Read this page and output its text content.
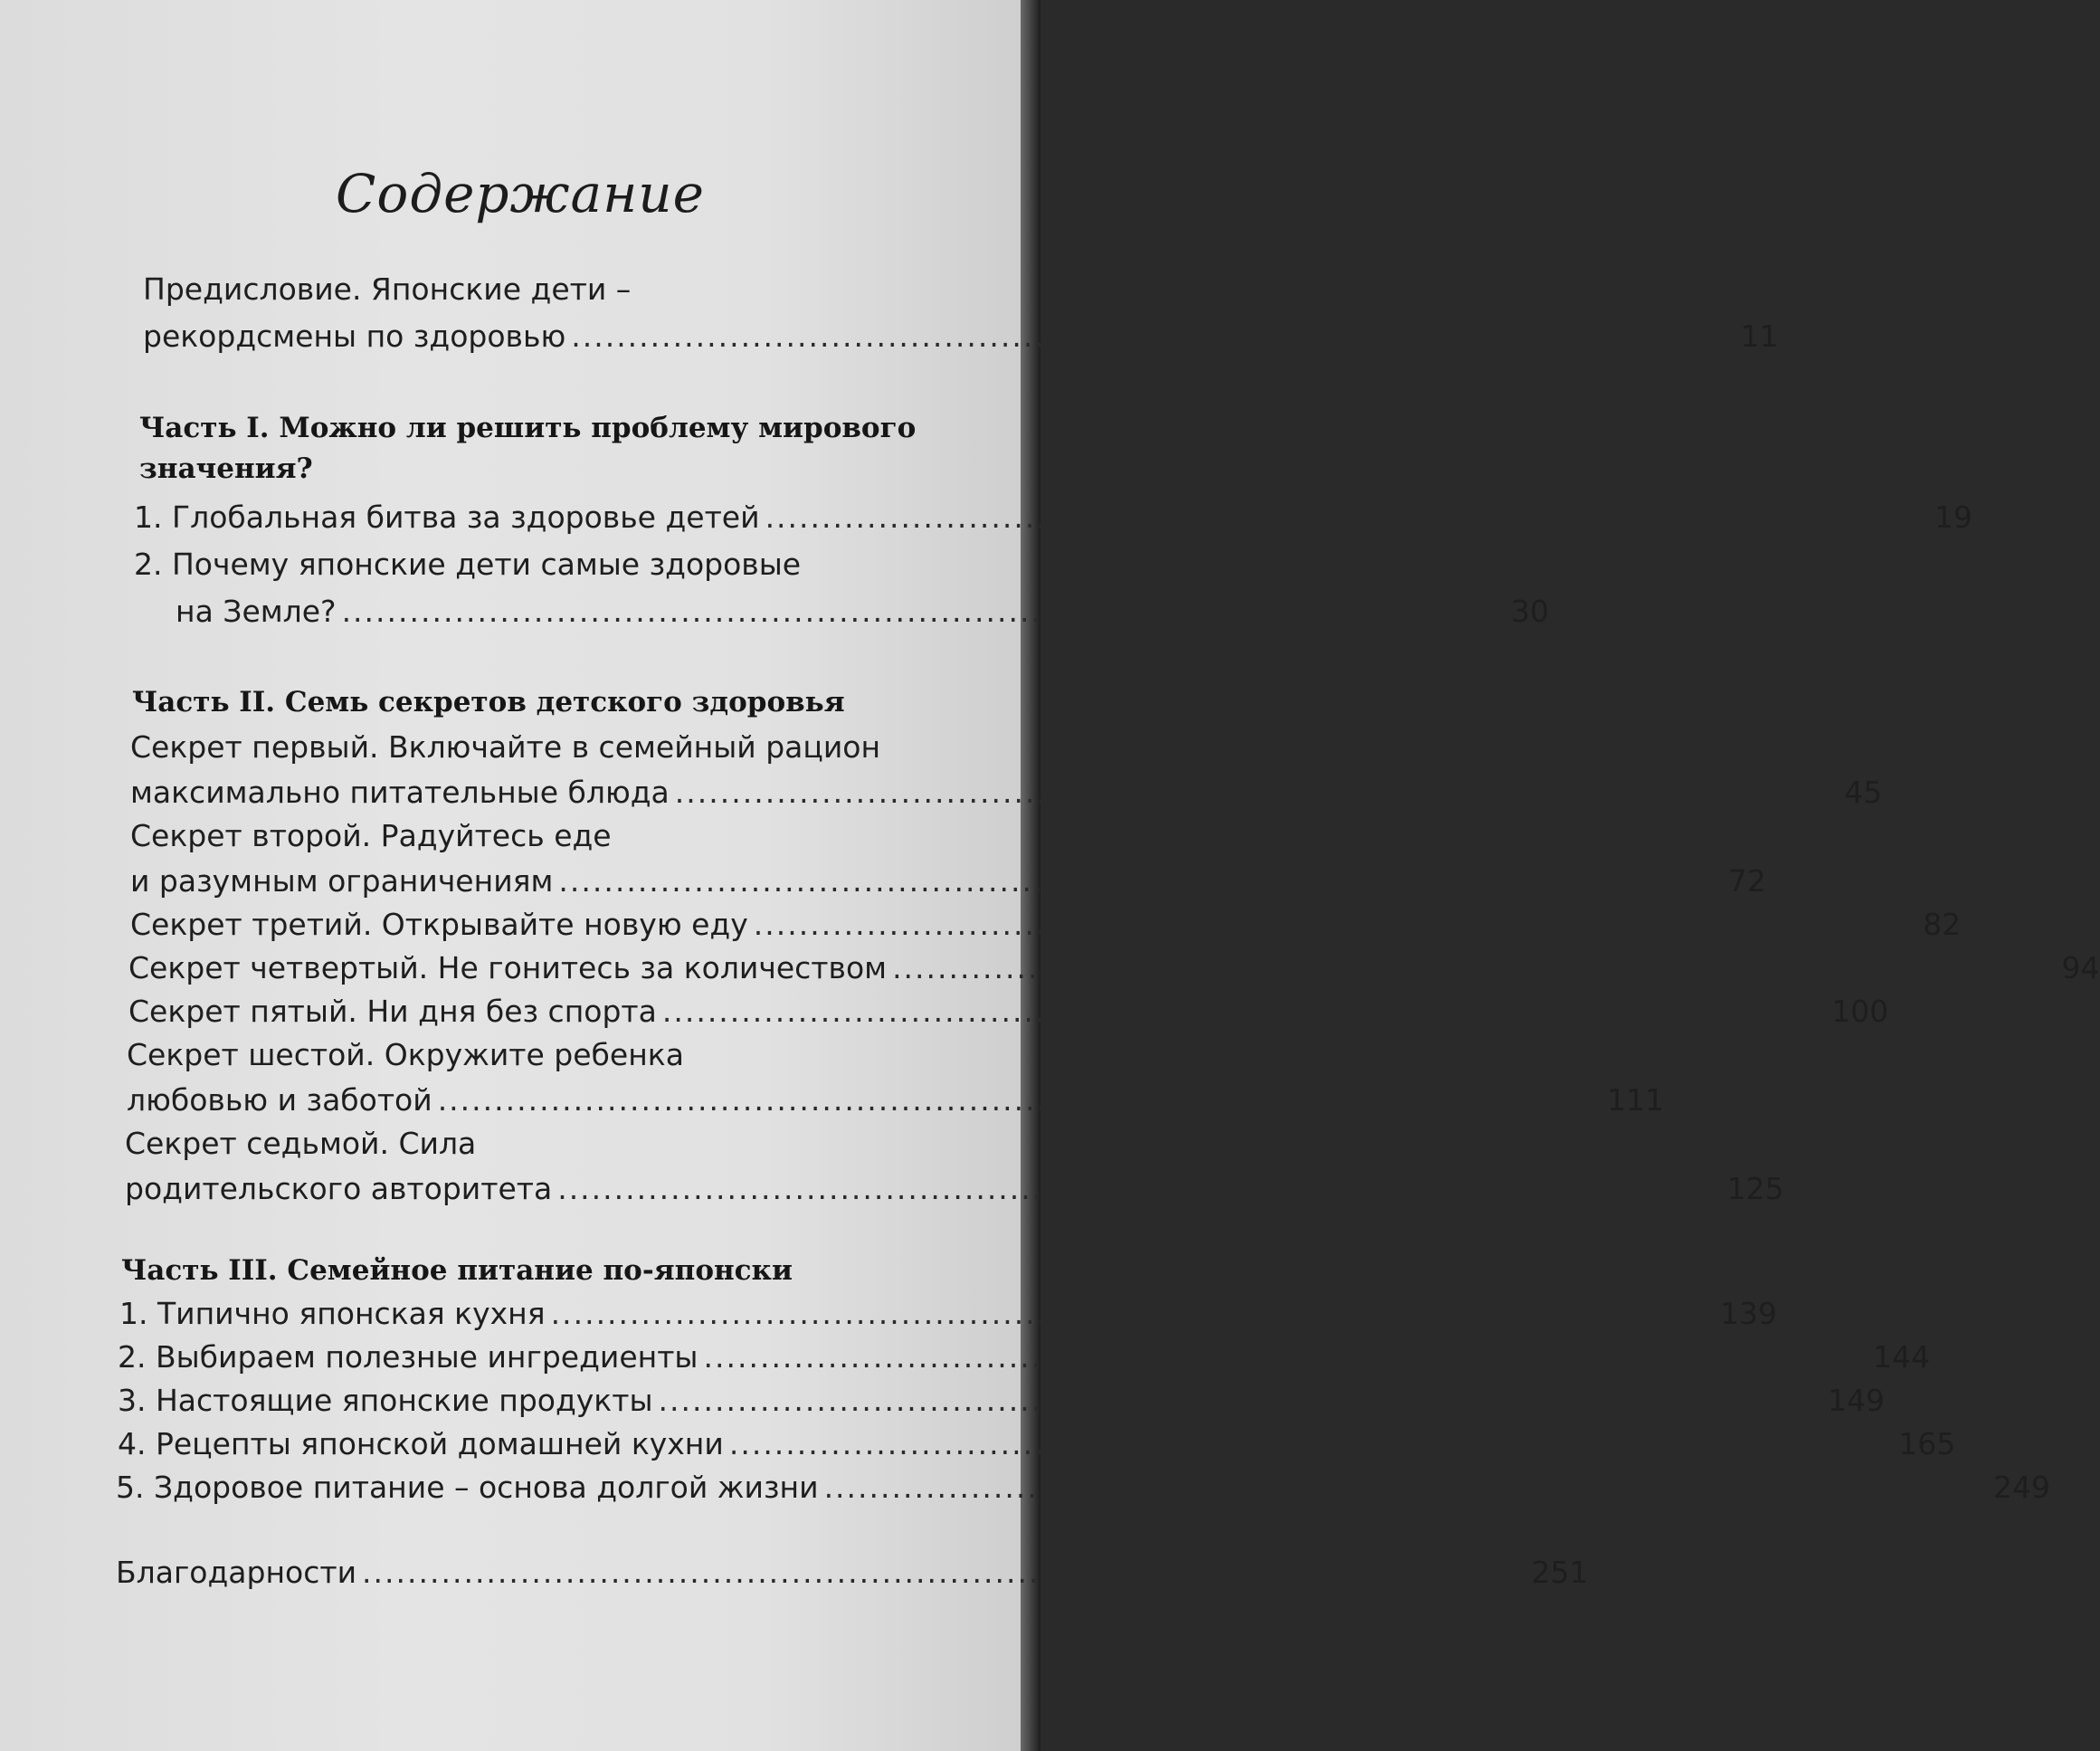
Содержание
Предисловие. Японские дети –
рекордсмены по здоровью ....................................................................................................... 11
Часть I. Можно ли решить проблему мирового
значения?
1. Глобальная битва за здоровье детей ....................................................................................................... 19
2. Почему японские дети самые здоровые
на Земле? ....................................................................................................... 30
Часть II. Семь секретов детского здоровья
Секрет первый. Включайте в семейный рацион
максимально питательные блюда ....................................................................................................... 45
Секрет второй. Радуйтесь еде
и разумным ограничениям ....................................................................................................... 72
Секрет третий. Открывайте новую еду ....................................................................................................... 82
Секрет четвертый. Не гонитесь за количеством ....................................................................................................... 94
Секрет пятый. Ни дня без спорта ....................................................................................................... 100
Секрет шестой. Окружите ребенка
любовью и заботой ....................................................................................................... 111
Секрет седьмой. Сила
родительского авторитета ....................................................................................................... 125
Часть III. Семейное питание по-японски
1. Типично японская кухня ....................................................................................................... 139
2. Выбираем полезные ингредиенты ....................................................................................................... 144
3. Настоящие японские продукты ....................................................................................................... 149
4. Рецепты японской домашней кухни ....................................................................................................... 165
5. Здоровое питание – основа долгой жизни ....................................................................................................... 249
Благодарности ....................................................................................................... 251
